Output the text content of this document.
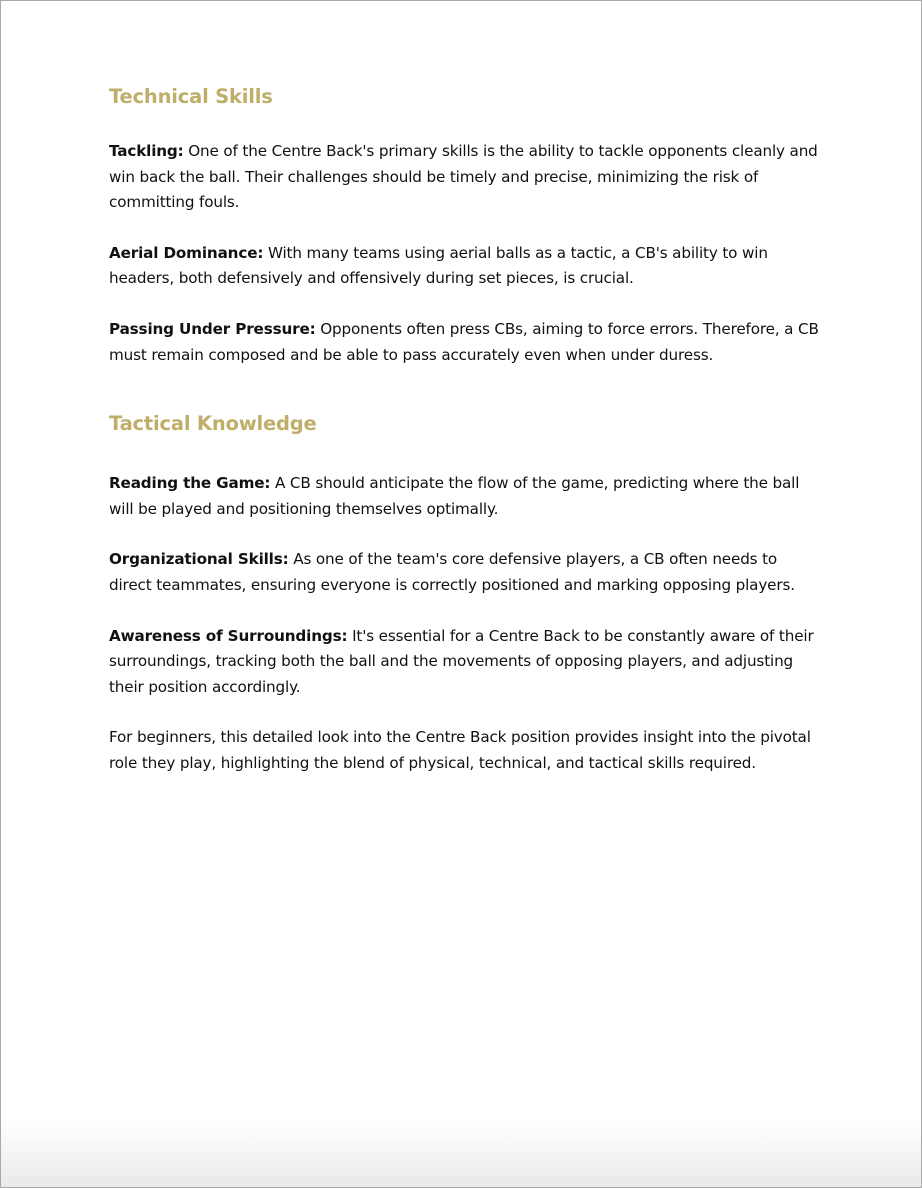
Technical Skills

Tackling: One of the Centre Back's primary skills is the ability to tackle opponents cleanly and win back the ball. Their challenges should be timely and precise, minimizing the risk of committing fouls.

Aerial Dominance: With many teams using aerial balls as a tactic, a CB's ability to win headers, both defensively and offensively during set pieces, is crucial.

Passing Under Pressure: Opponents often press CBs, aiming to force errors. Therefore, a CB must remain composed and be able to pass accurately even when under duress.

Tactical Knowledge

Reading the Game: A CB should anticipate the flow of the game, predicting where the ball will be played and positioning themselves optimally.

Organizational Skills: As one of the team's core defensive players, a CB often needs to direct teammates, ensuring everyone is correctly positioned and marking opposing players.

Awareness of Surroundings: It's essential for a Centre Back to be constantly aware of their surroundings, tracking both the ball and the movements of opposing players, and adjusting their position accordingly.

For beginners, this detailed look into the Centre Back position provides insight into the pivotal role they play, highlighting the blend of physical, technical, and tactical skills required.
